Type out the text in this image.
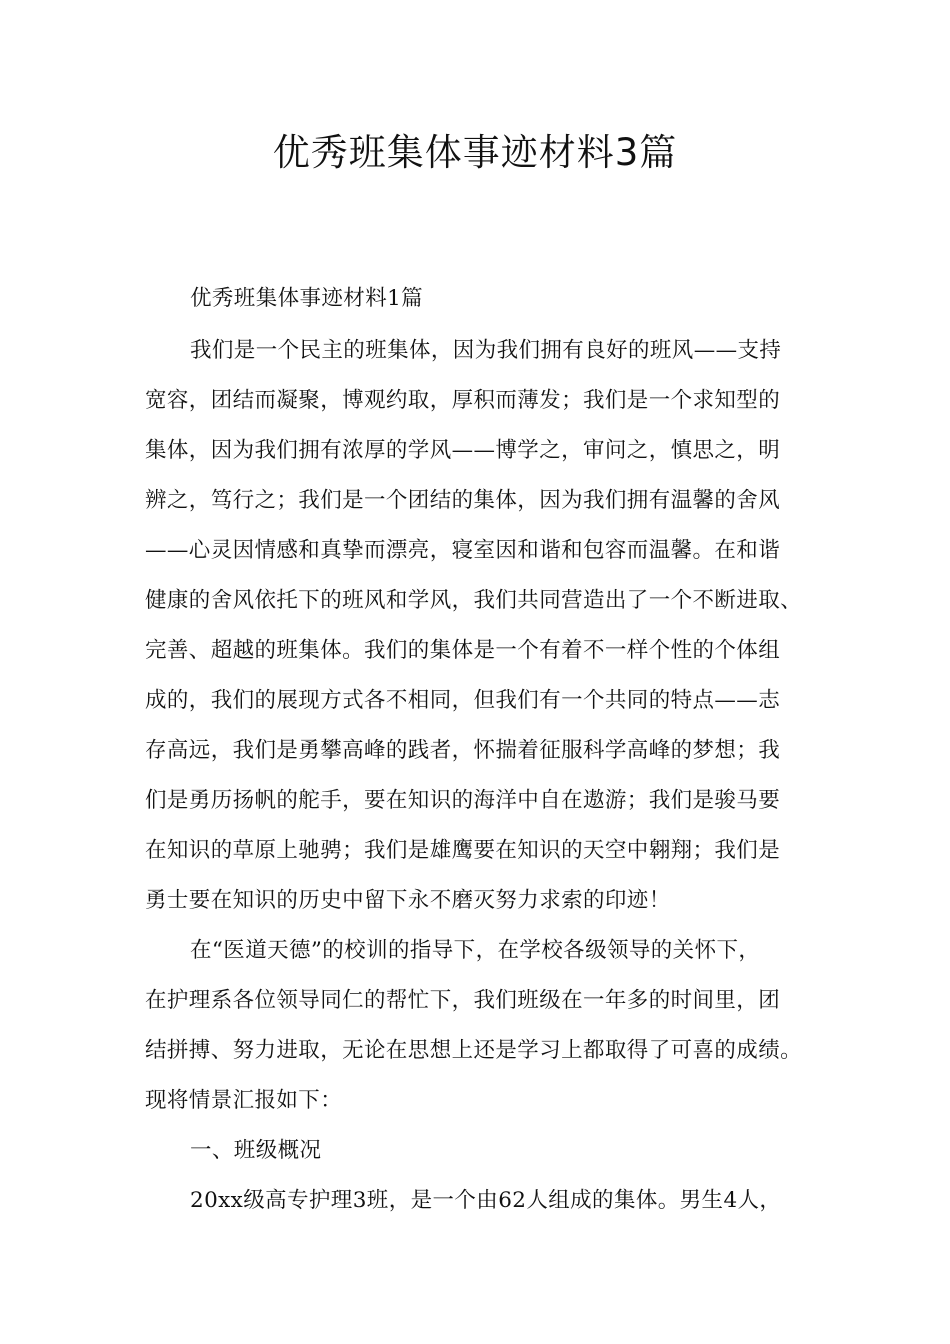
优秀班集体事迹材料3篇

优秀班集体事迹材料1篇

我们是一个民主的班集体，因为我们拥有良好的班风——支持

宽容，团结而凝聚，博观约取，厚积而薄发；我们是一个求知型的

集体，因为我们拥有浓厚的学风——博学之，审问之，慎思之，明

辨之，笃行之；我们是一个团结的集体，因为我们拥有温馨的舍风

——心灵因情感和真挚而漂亮，寝室因和谐和包容而温馨。在和谐

健康的舍风依托下的班风和学风，我们共同营造出了一个不断进取、

完善、超越的班集体。我们的集体是一个有着不一样个性的个体组

成的，我们的展现方式各不相同，但我们有一个共同的特点——志

存高远，我们是勇攀高峰的践者，怀揣着征服科学高峰的梦想；我

们是勇历扬帆的舵手，要在知识的海洋中自在遨游；我们是骏马要

在知识的草原上驰骋；我们是雄鹰要在知识的天空中翱翔；我们是

勇士要在知识的历史中留下永不磨灭努力求索的印迹！

在“医道天德”的校训的指导下，在学校各级领导的关怀下，

在护理系各位领导同仁的帮忙下，我们班级在一年多的时间里，团

结拼搏、努力进取，无论在思想上还是学习上都取得了可喜的成绩。

现将情景汇报如下：

一、班级概况

20xx级高专护理3班，是一个由62人组成的集体。男生4人，
